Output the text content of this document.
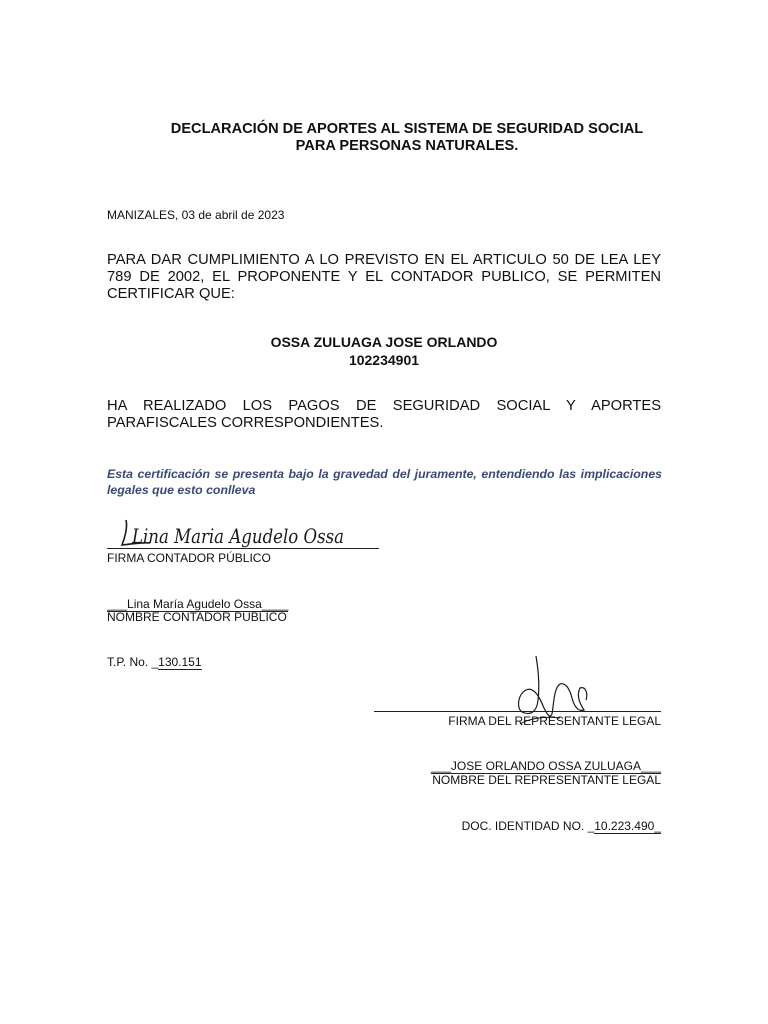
DECLARACIÓN DE APORTES AL SISTEMA DE SEGURIDAD SOCIAL
PARA PERSONAS NATURALES.
MANIZALES, 03 de abril de 2023
PARA DAR CUMPLIMIENTO A LO PREVISTO EN EL ARTICULO 50 DE LEA LEY 789 DE 2002, EL PROPONENTE Y EL CONTADOR PUBLICO, SE PERMITEN CERTIFICAR QUE:
OSSA ZULUAGA JOSE ORLANDO
102234901
HA REALIZADO LOS PAGOS DE SEGURIDAD SOCIAL Y APORTES PARAFISCALES CORRESPONDIENTES.
Esta certificación se presenta bajo la gravedad del juramente, entendiendo las implicaciones legales que esto conlleva
Lina Maria Agudelo Ossa
FIRMA CONTADOR PÚBLICO
___Lina María Agudelo Ossa____
NOMBRE CONTADOR PUBLICO
T.P. No. _130.151
FIRMA DEL REPRESENTANTE LEGAL
___JOSE ORLANDO OSSA ZULUAGA___
NOMBRE DEL REPRESENTANTE LEGAL
DOC. IDENTIDAD NO. _10.223.490_
